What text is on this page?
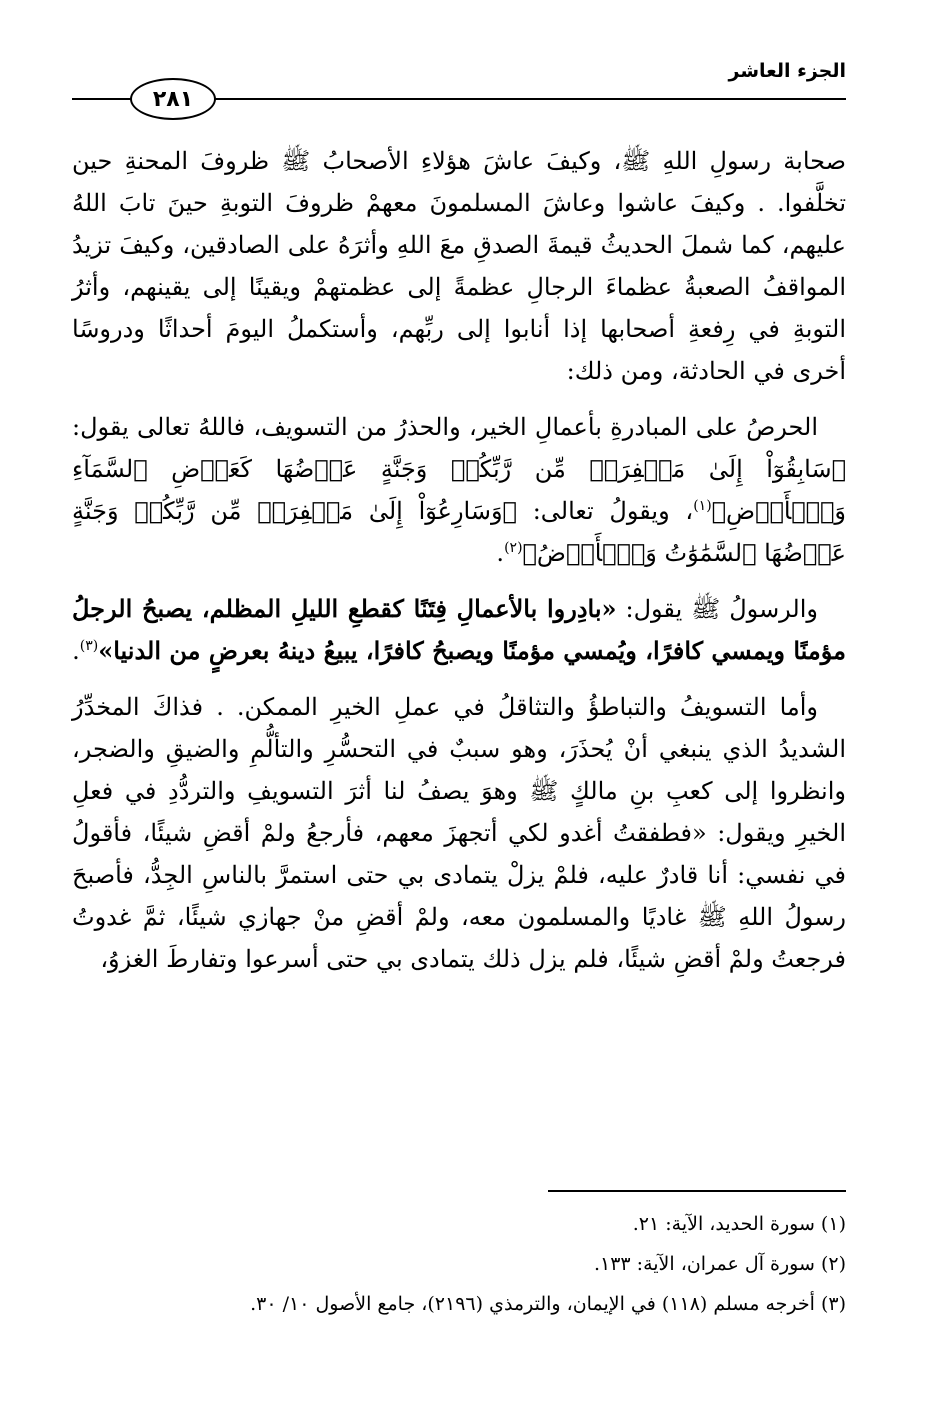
الجزء العاشر
٢٨١

صحابة رسولِ اللهِ ﷺ، وكيفَ عاشَ هؤلاءِ الأصحابُ ﷺ ظروفَ المحنةِ حين تخلَّفوا. . وكيفَ عاشوا وعاشَ المسلمونَ معهمْ ظروفَ التوبةِ حينَ تابَ اللهُ عليهم، كما شملَ الحديثُ قيمةَ الصدقِ معَ اللهِ وأثرَهُ على الصادقين، وكيفَ تزيدُ المواقفُ الصعبةُ عظماءَ الرجالِ عظمةً إلى عظمتهمْ ويقينًا إلى يقينهم، وأثرُ التوبةِ في رِفعةِ أصحابها إذا أنابوا إلى ربِّهم، وأستكملُ اليومَ أحداثًا ودروسًا أخرى في الحادثة، ومن ذلك:

الحرصُ على المبادرةِ بأعمالِ الخير، والحذرُ من التسويف، فاللهُ تعالى يقول: ﴿سَابِقُوٓاْ إِلَىٰ مَغۡفِرَةٖ مِّن رَّبِّكُمۡ وَجَنَّةٍ عَرۡضُهَا كَعَرۡضِ ٱلسَّمَآءِ وَٱلۡأَرۡضِ﴾$^{(١)}$، ويقولُ تعالى: ﴿وَسَارِعُوٓاْ إِلَىٰ مَغۡفِرَةٖ مِّن رَّبِّكُمۡ وَجَنَّةٍ عَرۡضُهَا ٱلسَّمَٰوَٰتُ وَٱلۡأَرۡضُ﴾$^{(٢)}$.

والرسولُ ﷺ يقول: «بادِروا بالأعمالِ فِتَنًا كقطعِ الليلِ المظلم، يصبحُ الرجلُ مؤمنًا ويمسي كافرًا، ويُمسي مؤمنًا ويصبحُ كافرًا، يبيعُ دينهُ بعرضٍ من الدنيا»$^{(٣)}$.

وأما التسويفُ والتباطؤُ والتثاقلُ في عملِ الخيرِ الممكن. . فذاكَ المخدِّرُ الشديدُ الذي ينبغي أنْ يُحذَرَ، وهو سببٌ في التحسُّرِ والتألُّمِ والضيقِ والضجر، وانظروا إلى كعبِ بنِ مالكٍ ﷺ وهوَ يصفُ لنا أثرَ التسويفِ والتردُّدِ في فعلِ الخيرِ ويقول: «فطفقتُ أغدو لكي أتجهزَ معهم، فأرجعُ ولمْ أقضِ شيئًا، فأقولُ في نفسي: أنا قادرٌ عليه، فلمْ يزلْ يتمادى بي حتى استمرَّ بالناسِ الجِدُّ، فأصبحَ رسولُ اللهِ ﷺ غاديًا والمسلمون معه، ولمْ أقضِ منْ جهازي شيئًا، ثمَّ غدوتُ فرجعتُ ولمْ أقضِ شيئًا، فلم يزل ذلك يتمادى بي حتى أسرعوا وتفارطَ الغزوُ،

(١) سورة الحديد، الآية: ٢١.

(٢) سورة آل عمران، الآية: ١٣٣.

(٣) أخرجه مسلم (١١٨) في الإيمان، والترمذي (٢١٩٦)، جامع الأصول ١٠/ ٣٠.
